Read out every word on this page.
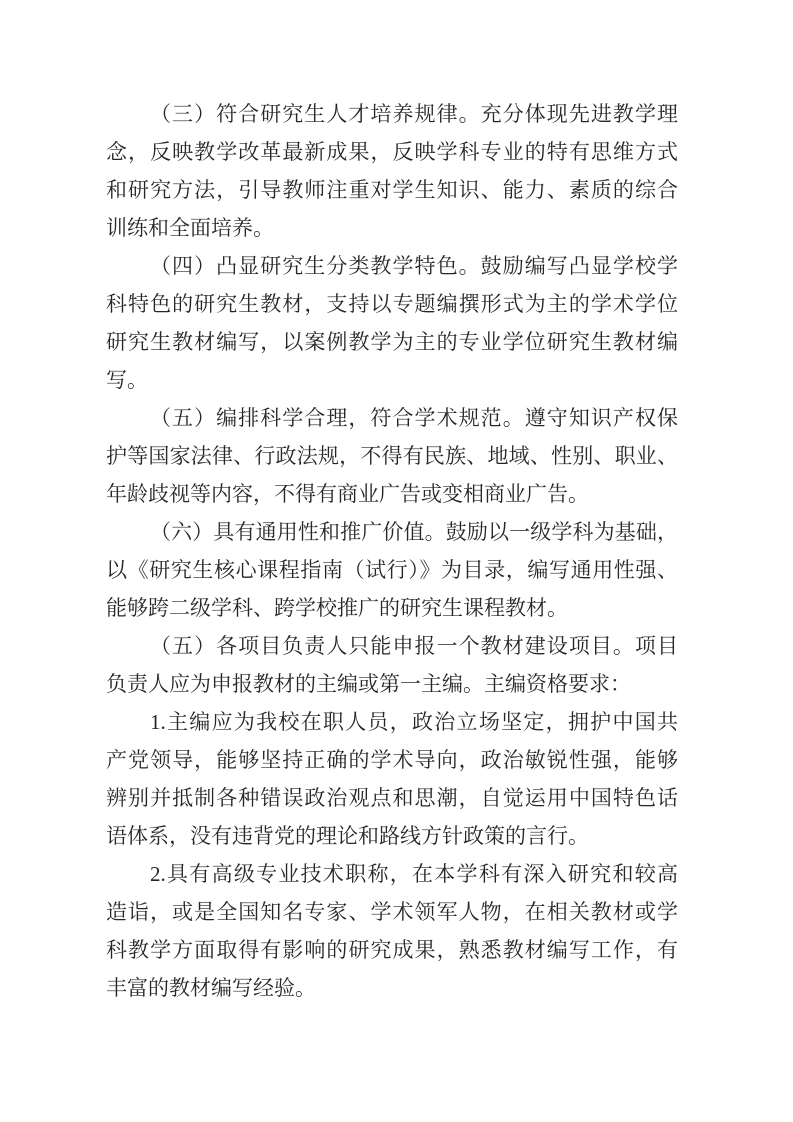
（三）符合研究生人才培养规律。充分体现先进教学理
念，反映教学改革最新成果，反映学科专业的特有思维方式
和研究方法，引导教师注重对学生知识、能力、素质的综合
训练和全面培养。
（四）凸显研究生分类教学特色。鼓励编写凸显学校学
科特色的研究生教材，支持以专题编撰形式为主的学术学位
研究生教材编写，以案例教学为主的专业学位研究生教材编
写。
（五）编排科学合理，符合学术规范。遵守知识产权保
护等国家法律、行政法规，不得有民族、地域、性别、职业、
年龄歧视等内容，不得有商业广告或变相商业广告。
（六）具有通用性和推广价值。鼓励以一级学科为基础，
以《研究生核心课程指南（试行）》为目录，编写通用性强、
能够跨二级学科、跨学校推广的研究生课程教材。
（五）各项目负责人只能申报一个教材建设项目。项目
负责人应为申报教材的主编或第一主编。主编资格要求：
1.主编应为我校在职人员，政治立场坚定，拥护中国共
产党领导，能够坚持正确的学术导向，政治敏锐性强，能够
辨别并抵制各种错误政治观点和思潮，自觉运用中国特色话
语体系，没有违背党的理论和路线方针政策的言行。
2.具有高级专业技术职称，在本学科有深入研究和较高
造诣，或是全国知名专家、学术领军人物，在相关教材或学
科教学方面取得有影响的研究成果，熟悉教材编写工作，有
丰富的教材编写经验。
